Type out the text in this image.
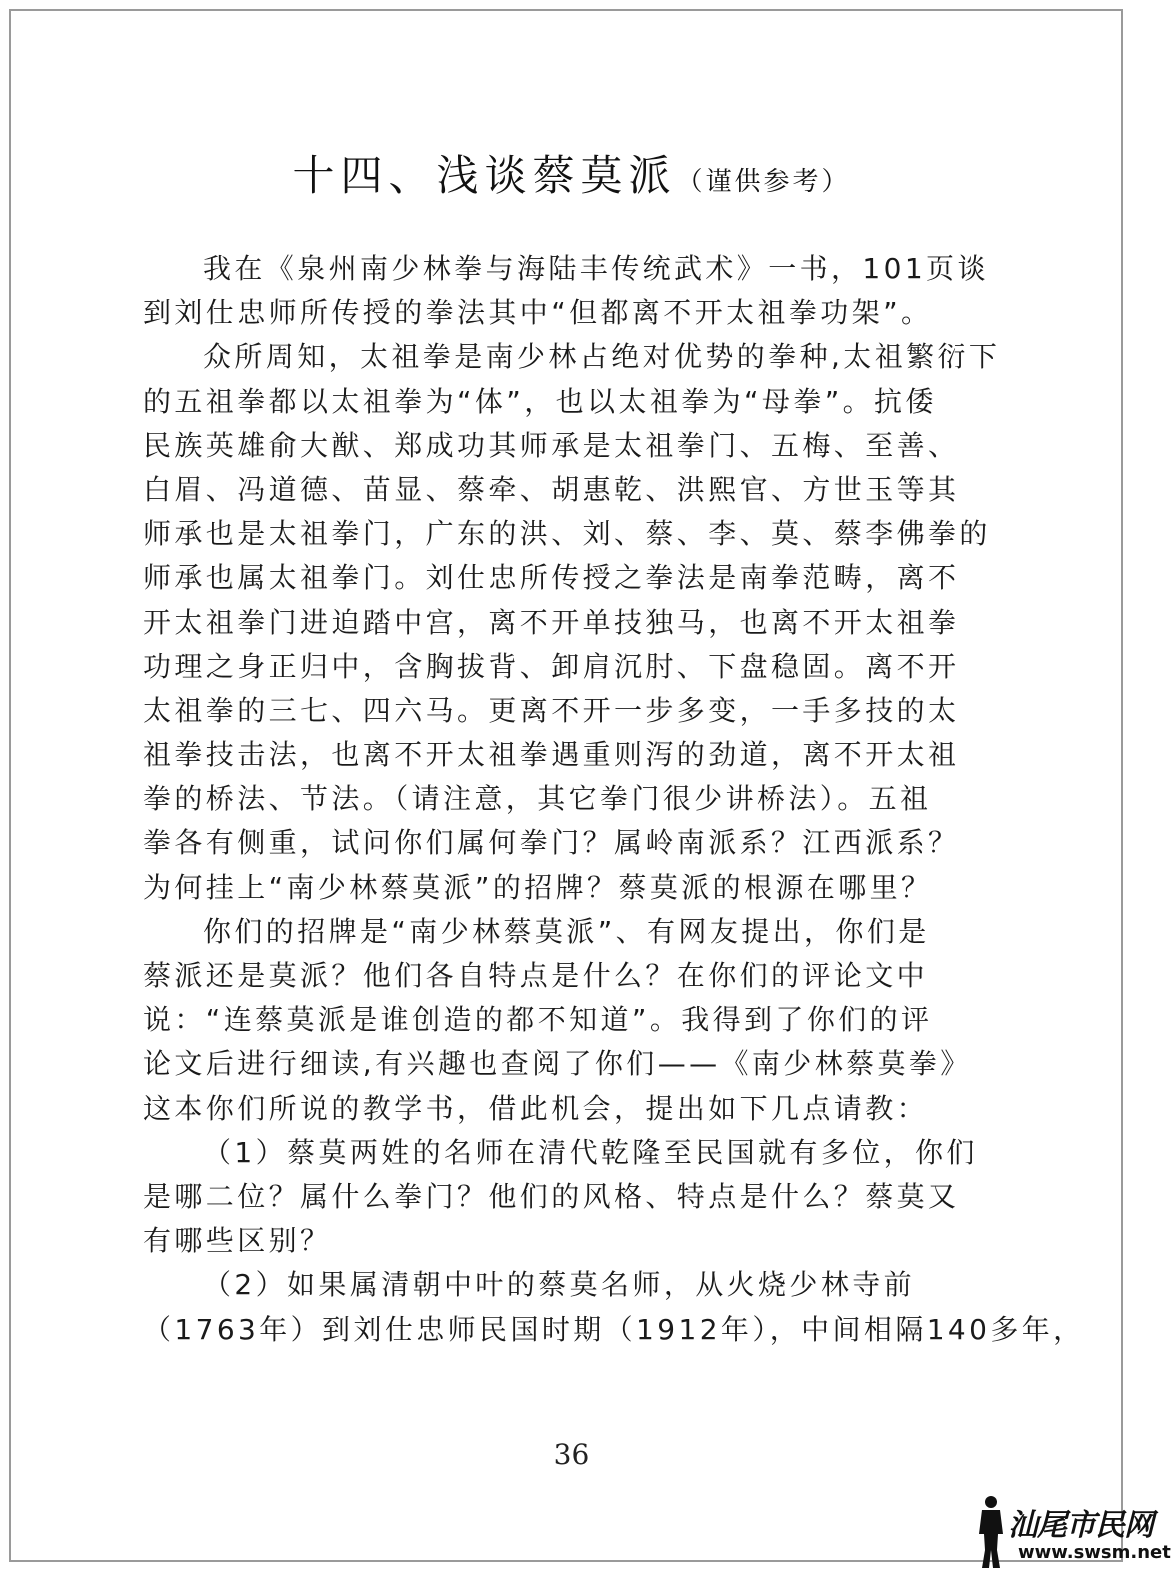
十四、浅谈蔡莫派（谨供参考）
我在《泉州南少林拳与海陆丰传统武术》一书，101页谈
到刘仕忠师所传授的拳法其中“但都离不开太祖拳功架”。
众所周知，太祖拳是南少林占绝对优势的拳种,太祖繁衍下
的五祖拳都以太祖拳为“体”，也以太祖拳为“母拳”。抗倭
民族英雄俞大猷、郑成功其师承是太祖拳门、五梅、至善、
白眉、冯道德、苗显、蔡牵、胡惠乾、洪熙官、方世玉等其
师承也是太祖拳门，广东的洪、刘、蔡、李、莫、蔡李佛拳的
师承也属太祖拳门。刘仕忠所传授之拳法是南拳范畴，离不
开太祖拳门进迫踏中宫，离不开单技独马，也离不开太祖拳
功理之身正归中，含胸拔背、卸肩沉肘、下盘稳固。离不开
太祖拳的三七、四六马。更离不开一步多变，一手多技的太
祖拳技击法，也离不开太祖拳遇重则泻的劲道，离不开太祖
拳的桥法、节法。（请注意，其它拳门很少讲桥法）。五祖
拳各有侧重，试问你们属何拳门？属岭南派系？江西派系？
为何挂上“南少林蔡莫派”的招牌？蔡莫派的根源在哪里？
你们的招牌是“南少林蔡莫派”、有网友提出，你们是
蔡派还是莫派？他们各自特点是什么？在你们的评论文中
说：“连蔡莫派是谁创造的都不知道”。我得到了你们的评
论文后进行细读,有兴趣也查阅了你们——《南少林蔡莫拳》
这本你们所说的教学书，借此机会，提出如下几点请教：
（1）蔡莫两姓的名师在清代乾隆至民国就有多位，你们
是哪二位？属什么拳门？他们的风格、特点是什么？蔡莫又
有哪些区别？
（2）如果属清朝中叶的蔡莫名师，从火烧少林寺前
（1763年）到刘仕忠师民国时期（1912年），中间相隔140多年，
36
汕尾市民网
www.swsm.net
